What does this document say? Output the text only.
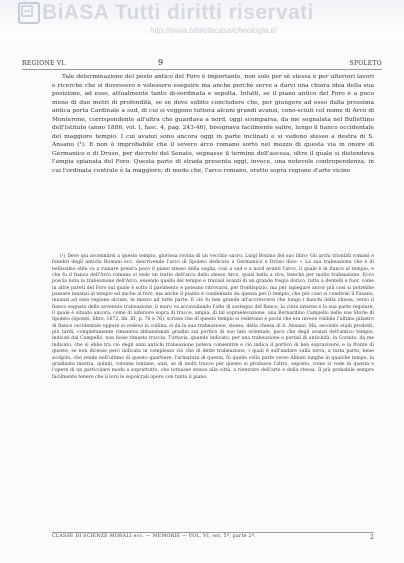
BiASA Tutti diritti riservati
http://www.bibliotecasarcheologia.it/
REGIONE VI.	9	SPOLETO

Tale determinazione del posto antico del Foro è importante, non solo per sè stessa e per ulteriori lavori e ricerche che si dovessero o volessero eseguire ma anche perchè serve a darvi una chiara idea della sua posizione, ad esso, attualmente tanto di-sordinata e sepolta. Infatti, se il piano antico del Foro è a poco meno di due metri di profondità, se se deve subito concludere che, per giungere ad esso dalla prossima antica porta Cardinale a sud, di cui si veggono tuttora alcuni grandi avanzi, cono-sciuti col nome di Arco di Monterone, corrispondente all'altra che guardava a nord, oggi scomparsa, da me segnalata nel Bullettino dell'Istituto (anno 1886, vol. I, fasc. 4, pag. 243-46), bisognava facilmente salire, lungo il fianco occidentale del maggiore tempio. I cui avanzi sono ancora oggi in parte inclinati e si vedono stesso a destra di S. Ansano (¹). E non è improbabile che il severo arco romano sorto nel mezzo di questa via in onore di Germanico e di Druso, per decreto del Senato, segnasse il termine dell'ascesa, oltre il quale si distendeva l'ampia spianata del Foro. Questa parte di strada presenta oggi, invece, una notevole contropendenza, in cui l'ordinata centrale è la maggiore; di modo che, l'arco romano, eretto sopra regione d'arte vicine

(¹) Deve qui accennarsi a questo tempio, gloriosa rovina di un vecchio sacro. Luigi Bonino del suo libro: Gli archi trionfali romani e funebri degli antichi Romani ecc. descrivendo l'arco di Spoleto dedicato a Germanico e Druso dice: « La sua trabeazione che è di bellissimo stile va a ruinare press'a poco il piano stesso della soglia, così a sud e a nord avanti l'arco, il quale è in fianco al tempio, e che fu il fianco dell'Arco romano si vede un tratto dell'arco dello stesso Arco, quasi bella a riva, benchè per molto trabeazione. Ecco poscia nota la trabeazione dell'Arco, essendo quella del tempio e travaul avanzi di un grande fregio dorico, tutto a dentelli e fuor, come in altre pareti del Foro sul quale è sotto il pavimento e poteano ritrovarsi, per frontispizio, ma per ispiegare ancor più così si potrebbe passare innanzi al tempio ed anche al foro, ma anche il pianto è condensato da questa per il tempio, che per caso si condivisi il Fasano, innanzi ad esso regione alcune, in mezzo ad tutte parte. E ciò fu ben grande all'accrescersi che lungo i fianchi della chiesa, verso il fianco segnato dello avvenuto trabeazione, il muro va accavallando l'alto di sostegno del fianco, la cinta interna e la sua parte regolare, il quale è situato ancora, come di inferiore sopra di tracce, ampia, di tal sopraelevazione, una Bernardino Campello nelle sue Storie di Spoleto (Spoleti, libro, 1672, lib. III, p. 70 e 76), scrisse che di questo tempio si vedevano e pochi che era invece visibile l'ultimo pilastro di fianco occidentale oppure si vedeva la collina, si da la sua trabeazione, stesso, della chiesa di S. Ansano. Ma, secondo studi prodotti, più tardi, completamente rimaneva abbandonati gradini sul portico di suo lato orientale, poco che degli avanzi dell'antico tempio, indicati dal Campello, non fosse rimasto traccia. Tuttavia, quando indicato, per una trabeazione e portali di antichità, in Corinto, da me indicato, che si ebbe tra ciò degli anni antichi trabeazione poteva consentire e ciò indica il portico di ben sopravivere, e la fronte di queste, se non dicesse però indicata in complesso ciò che di dette trabeazione, i quali è sull'andare sulla terra, a tutta parte, bene scolpito, che rende nell'ultimo di questo quartiere; l'armatura di questa, fu quello colla parte verso Abbati lunghe in qualche tempo, la gradinata mostra, quindi, colonne lontane, anzi, se di molti tracce per questo si produsse l'altro, esposto, come si vede in questa e l'opere di un particolare modo a soprattutto, che tornasse stesso alla città, a rientrare dell'arte e della stessa, Il più probabile sempre facilmente tenere che il loro le sepolcrali opere con tanto il piano.

CLASSE DI SCIENZE MORALI ecc. — MEMORIE — VOL. VI, ser. 5ª, parte 2ª.	2
